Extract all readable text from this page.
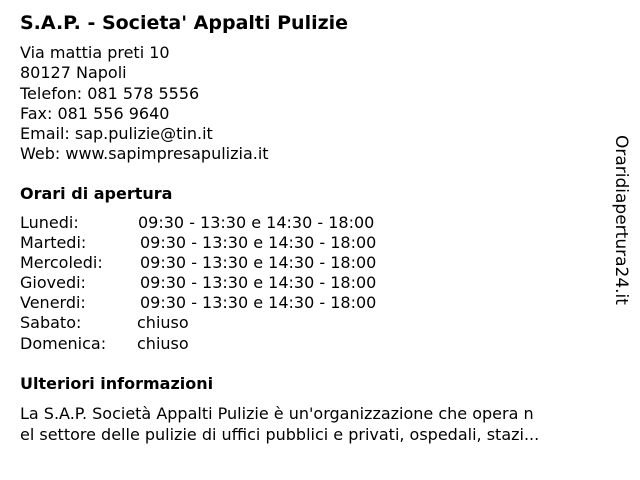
S.A.P. - Societa' Appalti Pulizie
Via mattia preti 10
80127 Napoli
Telefon: 081 578 5556
Fax: 081 556 9640
Email: sap.pulizie@tin.it
Web: www.sapimpresapulizia.it
Orari di apertura
Lunedi:	09:30 - 13:30 e 14:30 - 18:00
Martedi:	09:30 - 13:30 e 14:30 - 18:00
Mercoledi: 09:30 - 13:30 e 14:30 - 18:00
Giovedi:	09:30 - 13:30 e 14:30 - 18:00
Venerdi:	09:30 - 13:30 e 14:30 - 18:00
Sabato:	chiuso
Domenica: chiuso
Ulteriori informazioni
La S.A.P. Società Appalti Pulizie è un'organizzazione che opera n
el settore delle pulizie di uffici pubblici e privati, ospedali, stazi...
Oraridiapertura24.it
